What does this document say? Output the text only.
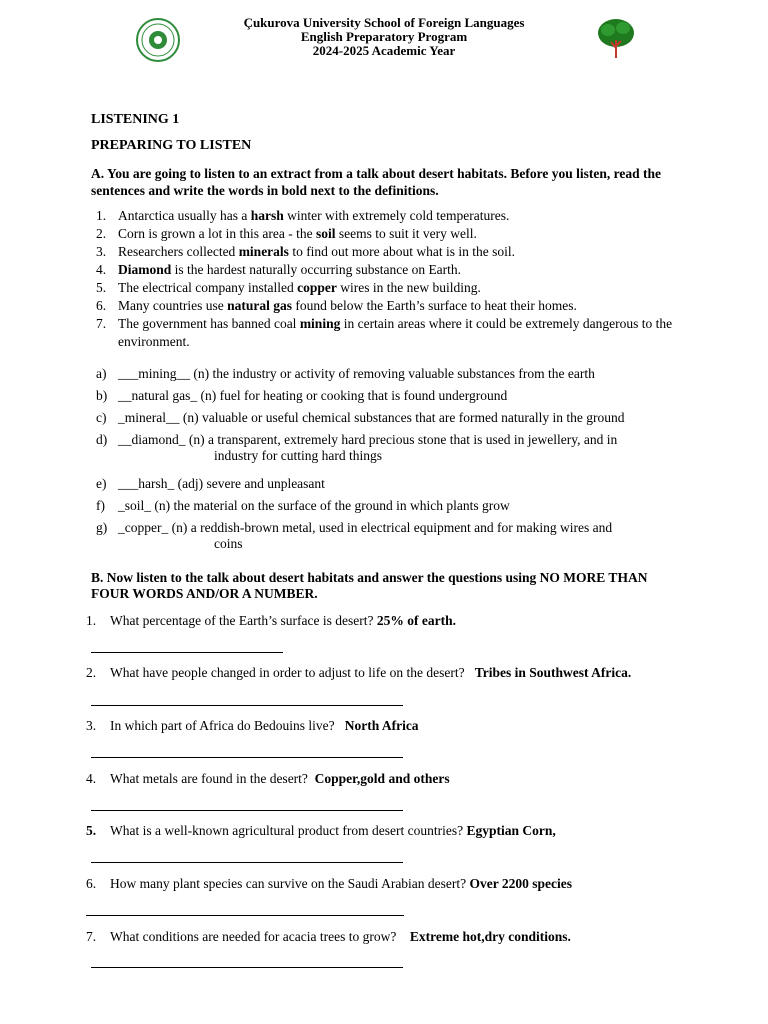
Çukurova University School of Foreign Languages
English Preparatory Program
2024-2025 Academic Year
LISTENING 1
PREPARING TO LISTEN
A. You are going to listen to an extract from a talk about desert habitats. Before you listen, read the sentences and write the words in bold next to the definitions.
1. Antarctica usually has a harsh winter with extremely cold temperatures.
2. Corn is grown a lot in this area - the soil seems to suit it very well.
3. Researchers collected minerals to find out more about what is in the soil.
4. Diamond is the hardest naturally occurring substance on Earth.
5. The electrical company installed copper wires in the new building.
6. Many countries use natural gas found below the Earth’s surface to heat their homes.
7. The government has banned coal mining in certain areas where it could be extremely dangerous to the environment.
a) ___mining__ (n) the industry or activity of removing valuable substances from the earth
b) __natural gas_ (n) fuel for heating or cooking that is found underground
c) _mineral__ (n) valuable or useful chemical substances that are formed naturally in the ground
d) __diamond_ (n) a transparent, extremely hard precious stone that is used in jewellery, and in
industry for cutting hard things
e) ___harsh_ (adj) severe and unpleasant
f) _soil_ (n) the material on the surface of the ground in which plants grow
g) _copper_ (n) a reddish-brown metal, used in electrical equipment and for making wires and
coins
B. Now listen to the talk about desert habitats and answer the questions using NO MORE THAN FOUR WORDS AND/OR A NUMBER.
1.	What percentage of the Earth’s surface is desert? 25% of earth.
2.	What have people changed in order to adjust to life on the desert? Tribes in Southwest Africa.
3.	In which part of Africa do Bedouins live? North Africa
4.	What metals are found in the desert? Copper,gold and others
5.	What is a well-known agricultural product from desert countries? Egyptian Corn,
6.	How many plant species can survive on the Saudi Arabian desert? Over 2200 species
7.	What conditions are needed for acacia trees to grow? Extreme hot,dry conditions.
